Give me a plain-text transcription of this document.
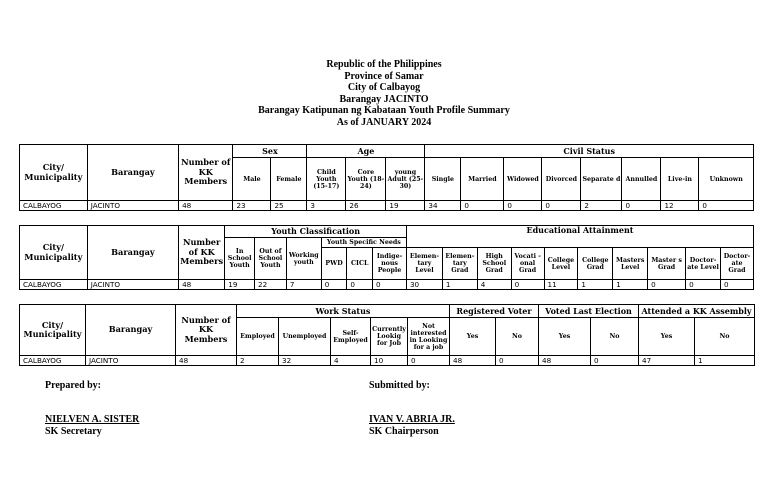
Republic of the Philippines
Province of Samar
City of Calbayog
Barangay JACINTO
Barangay Katipunan ng Kabataan Youth Profile Summary
As of JANUARY 2024
City/ Municipality	Barangay	Number of KK Members	Sex		Age			Civil Status							
			Male	Female	Child Youth (15-17)	Core Youth (18-24)	young Adult (25-30)	Single	Married	Widowed	Divorced	Separate d	Annulled	Live-in	Unknown
CALBAYOG	JACINTO	48	23	25	3	26	19	34	0	0	0	2	0	12	0
City/ Municipality	Barangay	Number of KK Members	Youth Classification						Educational Attainment									
			In School Youth	Out of School Youth	Working youth	Youth Specific Needs												
						PWD	CICL	Indige- nous People	Elemen- tary Level	Elemen- tary Grad	High School Grad	Vocati -onal Grad	College Level	College Grad	Masters Level	Master s Grad	Doctor- ate Level	Doctor- ate Grad
CALBAYOG	JACINTO	48	19	22	7	0	0	0	30	1	4	0	11	1	1	0	0	0
City/ Municipality	Barangay	Number of KK Members	Work Status					Registered Voter		Voted Last Election		Attended a KK Assembly	
			Employed	Unemployed	Self- Employed	Currently Lookig for Job	Not interested in Looking for a job	Yes	No	Yes	No	Yes	No
CALBAYOG	JACINTO	48	2	32	4	10	0	48	0	48	0	47	1
Prepared by:	Submitted by:
NIELVEN A. SISTER
SK Secretary
IVAN V. ABRIA JR.
SK Chairperson
